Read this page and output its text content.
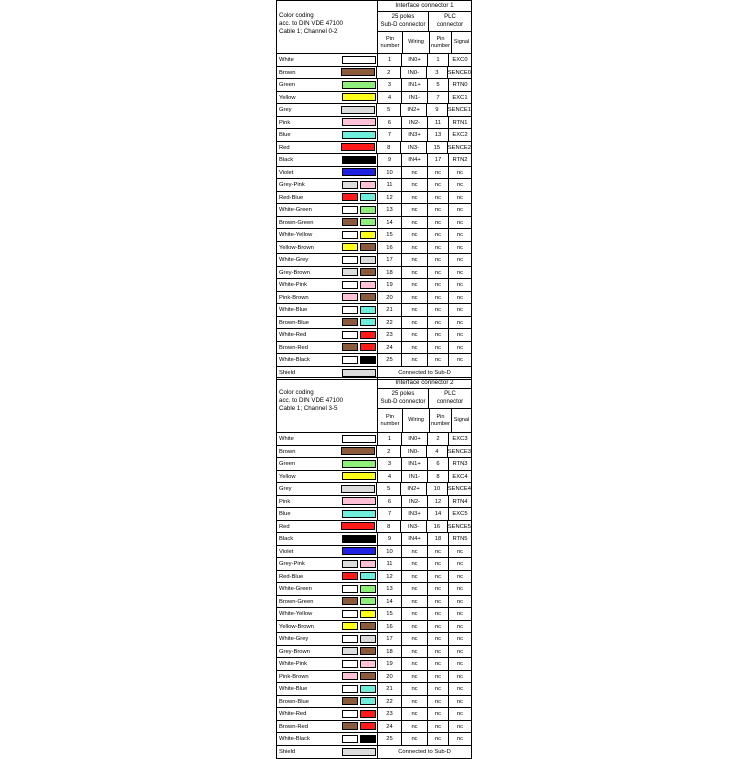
Color coding
acc. to DIN VDE 47100
Cable 1; Channel 0-2
Interface connector 1
25 poles
Sub-D connector
PLC
connector
Pin
number
Wiring
Pin
number
Signal
White	1	IN0+	1	EXC0
Brown	2	IN0-	3	SENCE0
Green	3	IN1+	5	RTN0
Yellow	4	IN1-	7	EXC1
Grey	5	IN2+	9	SENCE1
Pink	6	IN2-	11	RTN1
Blue	7	IN3+	13	EXC2
Red	8	IN3-	15	SENCE2
Black	9	IN4+	17	RTN2
Violet	10	nc	nc	nc
Grey-Pink	11	nc	nc	nc
Red-Blue	12	nc	nc	nc
White-Green	13	nc	nc	nc
Brown-Green	14	nc	nc	nc
White-Yellow	15	nc	nc	nc
Yellow-Brown	16	nc	nc	nc
White-Grey	17	nc	nc	nc
Grey-Brown	18	nc	nc	nc
White-Pink	19	nc	nc	nc
Pink-Brown	20	nc	nc	nc
White-Blue	21	nc	nc	nc
Brown-Blue	22	nc	nc	nc
White-Red	23	nc	nc	nc
Brown-Red	24	nc	nc	nc
White-Black	25	nc	nc	nc
Shield	Connected to Sub-D
Color coding
acc. to DIN VDE 47100
Cable 1; Channel 3-5
Interface connector 2
25 poles
Sub-D connector
PLC
connector
Pin
number
Wiring
Pin
number
Signal
White	1	IN0+	2	EXC3
Brown	2	IN0-	4	SENCE3
Green	3	IN1+	6	RTN3
Yellow	4	IN1-	8	EXC4
Grey	5	IN2+	10	SENCE4
Pink	6	IN2-	12	RTN4
Blue	7	IN3+	14	EXC5
Red	8	IN3-	16	SENCE5
Black	9	IN4+	18	RTN5
Violet	10	nc	nc	nc
Grey-Pink	11	nc	nc	nc
Red-Blue	12	nc	nc	nc
White-Green	13	nc	nc	nc
Brown-Green	14	nc	nc	nc
White-Yellow	15	nc	nc	nc
Yellow-Brown	16	nc	nc	nc
White-Grey	17	nc	nc	nc
Grey-Brown	18	nc	nc	nc
White-Pink	19	nc	nc	nc
Pink-Brown	20	nc	nc	nc
White-Blue	21	nc	nc	nc
Brown-Blue	22	nc	nc	nc
White-Red	23	nc	nc	nc
Brown-Red	24	nc	nc	nc
White-Black	25	nc	nc	nc
Shield	Connected to Sub-D
